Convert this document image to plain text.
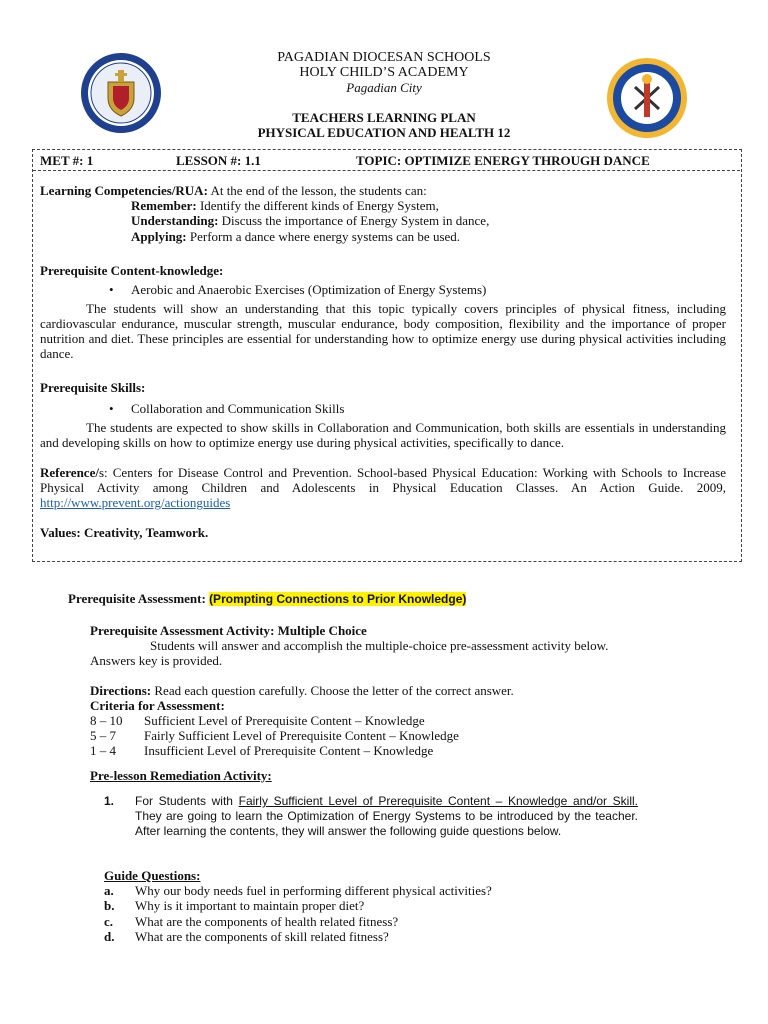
PAGADIAN DIOCESAN SCHOOLS
HOLY CHILD’S ACADEMY
Pagadian City
TEACHERS LEARNING PLAN
PHYSICAL EDUCATION AND HEALTH 12
MET #: 1	LESSON #: 1.1	TOPIC: OPTIMIZE ENERGY THROUGH DANCE
Learning Competencies/RUA: At the end of the lesson, the students can:
Remember: Identify the different kinds of Energy System,
Understanding: Discuss the importance of Energy System in dance,
Applying: Perform a dance where energy systems can be used.
Prerequisite Content-knowledge:
• Aerobic and Anaerobic Exercises (Optimization of Energy Systems)
The students will show an understanding that this topic typically covers principles of physical fitness, including cardiovascular endurance, muscular strength, muscular endurance, body composition, flexibility and the importance of proper nutrition and diet. These principles are essential for understanding how to optimize energy use during physical activities including dance.
Prerequisite Skills:
• Collaboration and Communication Skills
The students are expected to show skills in Collaboration and Communication, both skills are essentials in understanding and developing skills on how to optimize energy use during physical activities, specifically to dance.
Reference/s: Centers for Disease Control and Prevention. School-based Physical Education: Working with Schools to Increase Physical Activity among Children and Adolescents in Physical Education Classes. An Action Guide. 2009, http://www.prevent.org/actionguides
Values: Creativity, Teamwork.
Prerequisite Assessment: (Prompting Connections to Prior Knowledge)
Prerequisite Assessment Activity: Multiple Choice
Students will answer and accomplish the multiple-choice pre-assessment activity below.
Answers key is provided.
Directions: Read each question carefully. Choose the letter of the correct answer.
Criteria for Assessment:
8 – 10 Sufficient Level of Prerequisite Content – Knowledge
5 – 7 Fairly Sufficient Level of Prerequisite Content – Knowledge
1 – 4 Insufficient Level of Prerequisite Content – Knowledge
Pre-lesson Remediation Activity:
1. For Students with Fairly Sufficient Level of Prerequisite Content – Knowledge and/or Skill. They are going to learn the Optimization of Energy Systems to be introduced by the teacher. After learning the contents, they will answer the following guide questions below.
Guide Questions:
a. Why our body needs fuel in performing different physical activities?
b. Why is it important to maintain proper diet?
c. What are the components of health related fitness?
d. What are the components of skill related fitness?
